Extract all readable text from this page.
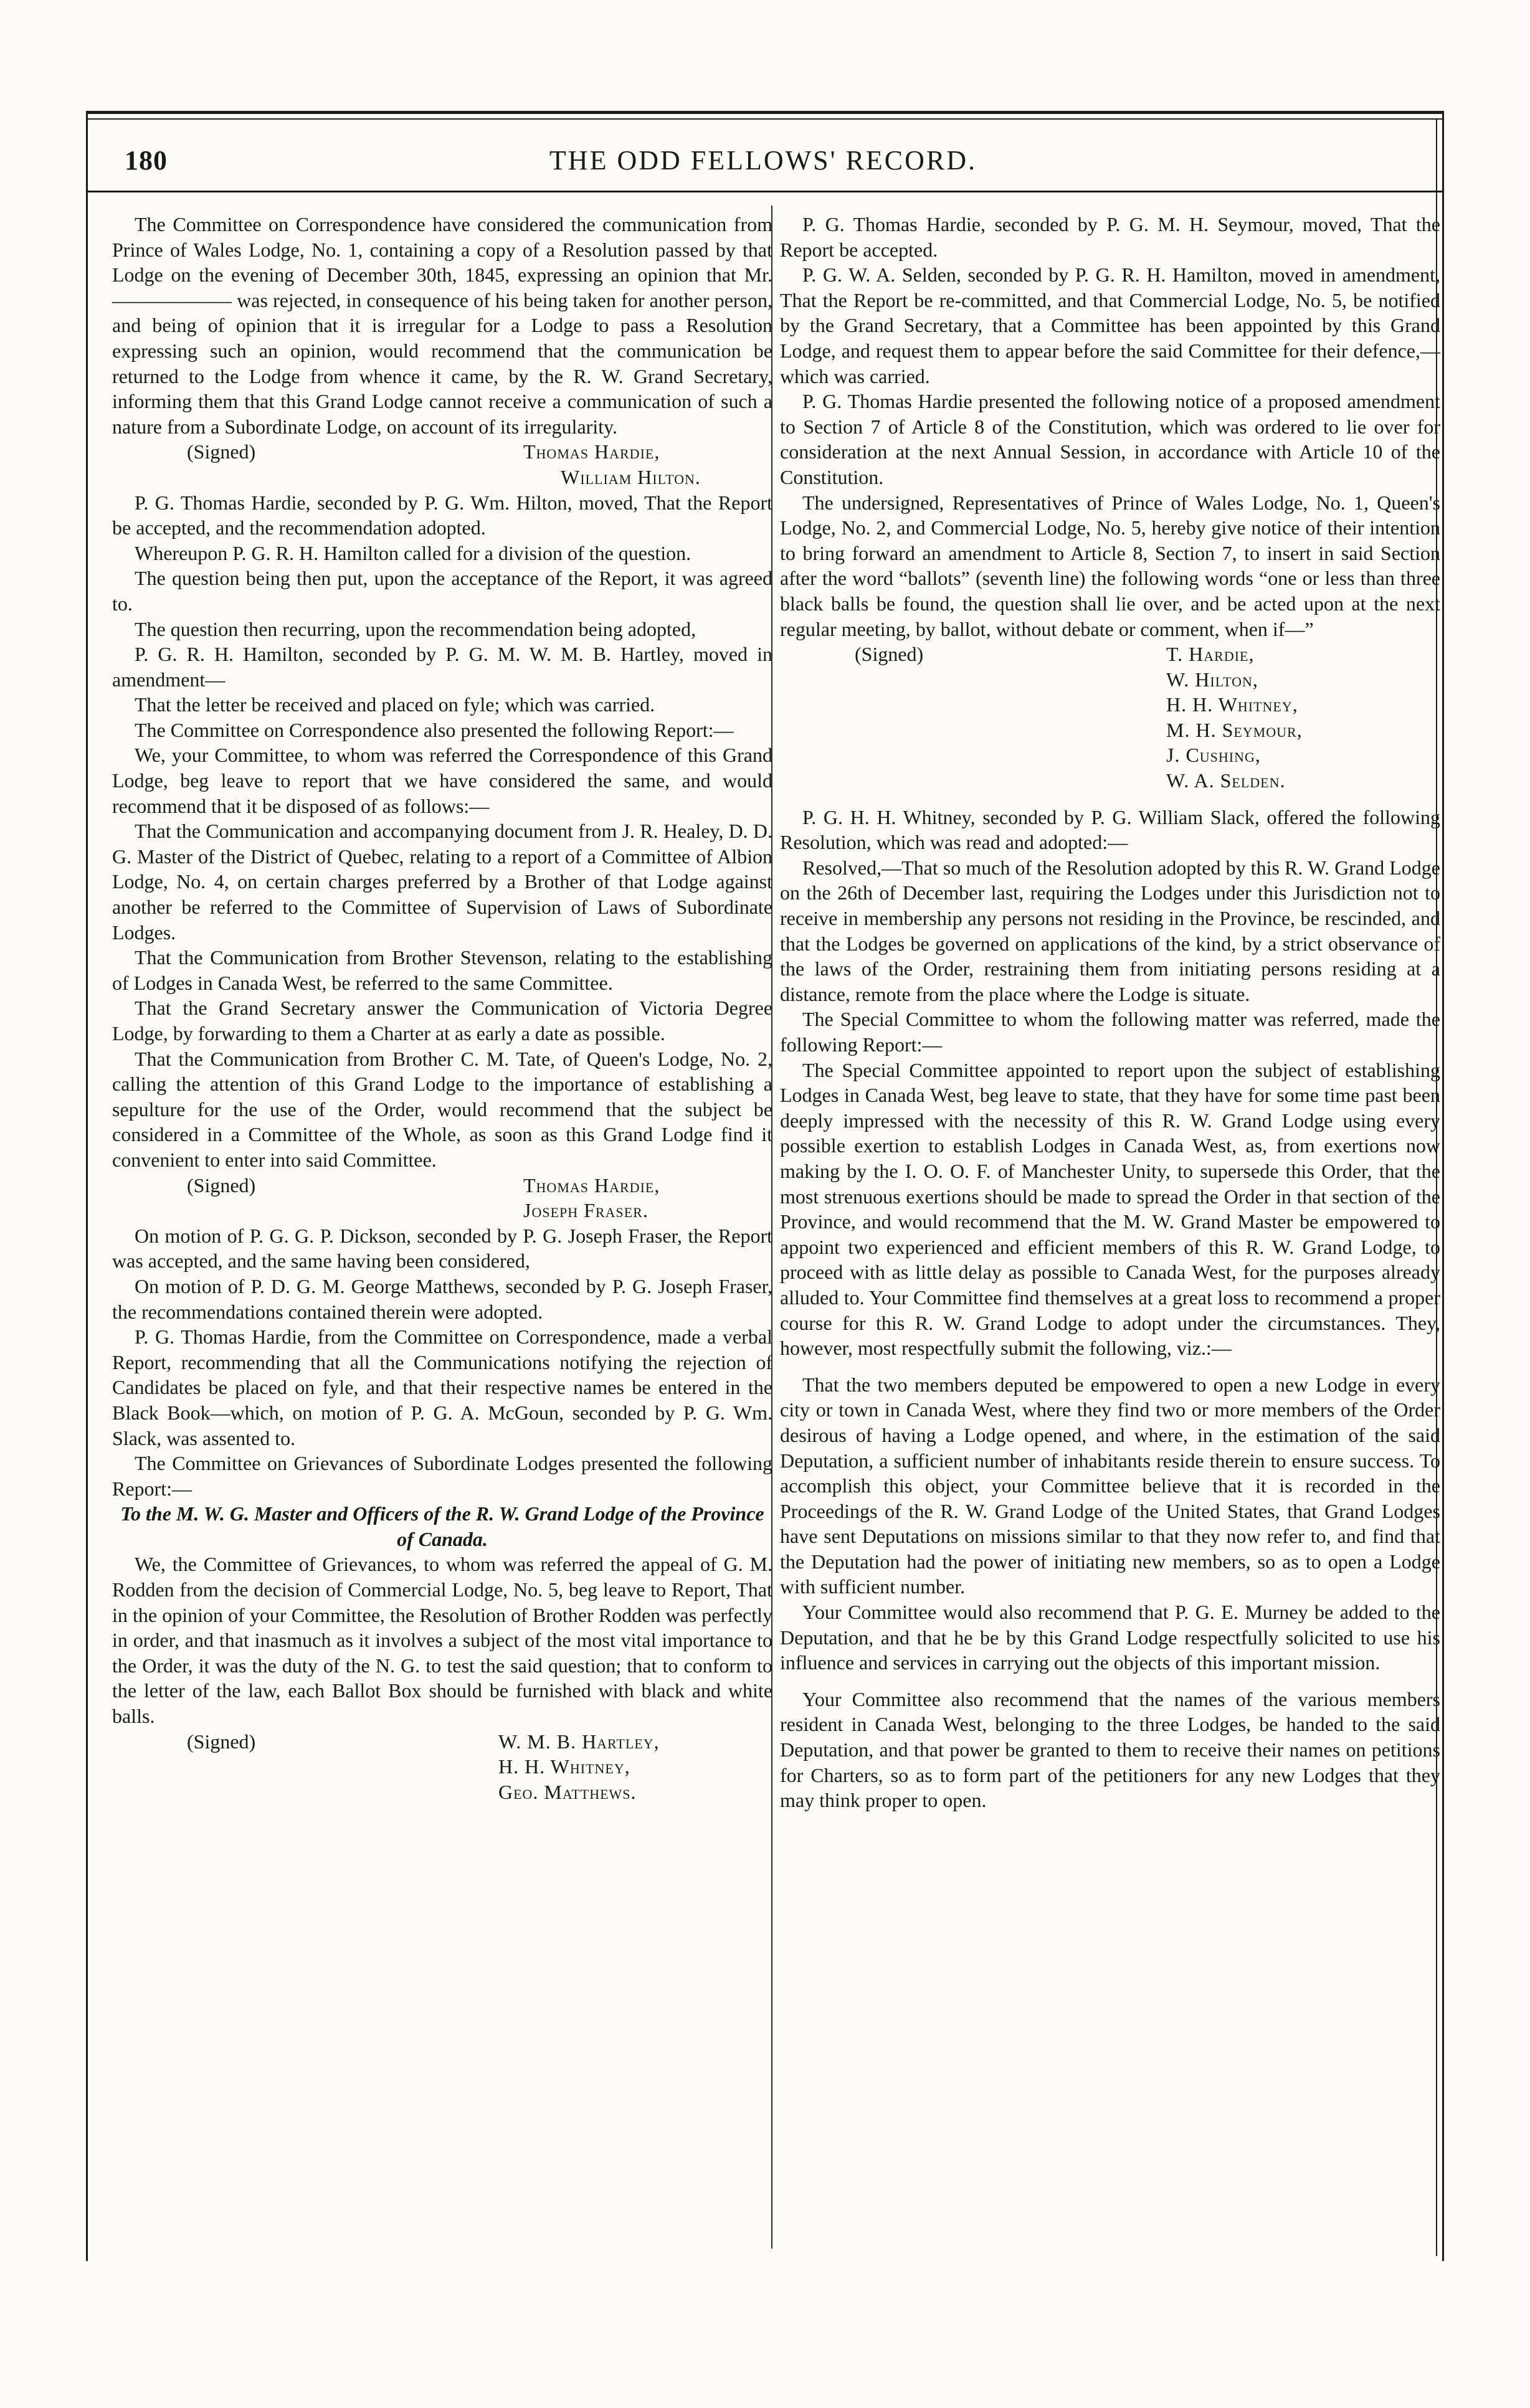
180	THE ODD FELLOWS' RECORD.

The Committee on Correspondence have considered the communication from Prince of Wales Lodge, No. 1, containing a copy of a Resolution passed by that Lodge on the evening of December 30th, 1845, expressing an opinion that Mr. —————— was rejected, in consequence of his being taken for another person, and being of opinion that it is irregular for a Lodge to pass a Resolution expressing such an opinion, would recommend that the communication be returned to the Lodge from whence it came, by the R. W. Grand Secretary, informing them that this Grand Lodge cannot receive a communication of such a nature from a Subordinate Lodge, on account of its irregularity.

(Signed)	Thomas Hardie,
William Hilton.

P. G. Thomas Hardie, seconded by P. G. Wm. Hilton, moved, That the Report be accepted, and the recommendation adopted.

Whereupon P. G. R. H. Hamilton called for a division of the question.

The question being then put, upon the acceptance of the Report, it was agreed to.

The question then recurring, upon the recommendation being adopted,

P. G. R. H. Hamilton, seconded by P. G. M. W. M. B. Hartley, moved in amendment—

That the letter be received and placed on fyle; which was carried.

The Committee on Correspondence also presented the following Report:—

We, your Committee, to whom was referred the Correspondence of this Grand Lodge, beg leave to report that we have considered the same, and would recommend that it be disposed of as follows:—

That the Communication and accompanying document from J. R. Healey, D. D. G. Master of the District of Quebec, relating to a report of a Committee of Albion Lodge, No. 4, on certain charges preferred by a Brother of that Lodge against another be referred to the Committee of Supervision of Laws of Subordinate Lodges.

That the Communication from Brother Stevenson, relating to the establishing of Lodges in Canada West, be referred to the same Committee.

That the Grand Secretary answer the Communication of Victoria Degree Lodge, by forwarding to them a Charter at as early a date as possible.

That the Communication from Brother C. M. Tate, of Queen's Lodge, No. 2, calling the attention of this Grand Lodge to the importance of establishing a sepulture for the use of the Order, would recommend that the subject be considered in a Committee of the Whole, as soon as this Grand Lodge find it convenient to enter into said Committee.

(Signed)	Thomas Hardie,
Joseph Fraser.

On motion of P. G. G. P. Dickson, seconded by P. G. Joseph Fraser, the Report was accepted, and the same having been considered,

On motion of P. D. G. M. George Matthews, seconded by P. G. Joseph Fraser, the recommendations contained therein were adopted.

P. G. Thomas Hardie, from the Committee on Correspondence, made a verbal Report, recommending that all the Communications notifying the rejection of Candidates be placed on fyle, and that their respective names be entered in the Black Book—which, on motion of P. G. A. McGoun, seconded by P. G. Wm. Slack, was assented to.

The Committee on Grievances of Subordinate Lodges presented the following Report:—

To the M. W. G. Master and Officers of the R. W. Grand Lodge of the Province of Canada.

We, the Committee of Grievances, to whom was referred the appeal of G. M. Rodden from the decision of Commercial Lodge, No. 5, beg leave to Report, That in the opinion of your Committee, the Resolution of Brother Rodden was perfectly in order, and that inasmuch as it involves a subject of the most vital importance to the Order, it was the duty of the N. G. to test the said question; that to conform to the letter of the law, each Ballot Box should be furnished with black and white balls.

(Signed)	W. M. B. Hartley,
H. H. Whitney,
Geo. Matthews.

P. G. Thomas Hardie, seconded by P. G. M. H. Seymour, moved, That the Report be accepted.

P. G. W. A. Selden, seconded by P. G. R. H. Hamilton, moved in amendment, That the Report be re-committed, and that Commercial Lodge, No. 5, be notified by the Grand Secretary, that a Committee has been appointed by this Grand Lodge, and request them to appear before the said Committee for their defence,—which was carried.

P. G. Thomas Hardie presented the following notice of a proposed amendment to Section 7 of Article 8 of the Constitution, which was ordered to lie over for consideration at the next Annual Session, in accordance with Article 10 of the Constitution.

The undersigned, Representatives of Prince of Wales Lodge, No. 1, Queen's Lodge, No. 2, and Commercial Lodge, No. 5, hereby give notice of their intention to bring forward an amendment to Article 8, Section 7, to insert in said Section after the word “ballots” (seventh line) the following words “one or less than three black balls be found, the question shall lie over, and be acted upon at the next regular meeting, by ballot, without debate or comment, when if—”

(Signed)	T. Hardie,
W. Hilton,
H. H. Whitney,
M. H. Seymour,
J. Cushing,
W. A. Selden.

P. G. H. H. Whitney, seconded by P. G. William Slack, offered the following Resolution, which was read and adopted:—

Resolved,—That so much of the Resolution adopted by this R. W. Grand Lodge on the 26th of December last, requiring the Lodges under this Jurisdiction not to receive in membership any persons not residing in the Province, be rescinded, and that the Lodges be governed on applications of the kind, by a strict observance of the laws of the Order, restraining them from initiating persons residing at a distance, remote from the place where the Lodge is situate.

The Special Committee to whom the following matter was referred, made the following Report:—

The Special Committee appointed to report upon the subject of establishing Lodges in Canada West, beg leave to state, that they have for some time past been deeply impressed with the necessity of this R. W. Grand Lodge using every possible exertion to establish Lodges in Canada West, as, from exertions now making by the I. O. O. F. of Manchester Unity, to supersede this Order, that the most strenuous exertions should be made to spread the Order in that section of the Province, and would recommend that the M. W. Grand Master be empowered to appoint two experienced and efficient members of this R. W. Grand Lodge, to proceed with as little delay as possible to Canada West, for the purposes already alluded to. Your Committee find themselves at a great loss to recommend a proper course for this R. W. Grand Lodge to adopt under the circumstances. They, however, most respectfully submit the following, viz.:—

That the two members deputed be empowered to open a new Lodge in every city or town in Canada West, where they find two or more members of the Order desirous of having a Lodge opened, and where, in the estimation of the said Deputation, a sufficient number of inhabitants reside therein to ensure success. To accomplish this object, your Committee believe that it is recorded in the Proceedings of the R. W. Grand Lodge of the United States, that Grand Lodges have sent Deputations on missions similar to that they now refer to, and find that the Deputation had the power of initiating new members, so as to open a Lodge with sufficient number.

Your Committee would also recommend that P. G. E. Murney be added to the Deputation, and that he be by this Grand Lodge respectfully solicited to use his influence and services in carrying out the objects of this important mission.

Your Committee also recommend that the names of the various members resident in Canada West, belonging to the three Lodges, be handed to the said Deputation, and that power be granted to them to receive their names on petitions for Charters, so as to form part of the petitioners for any new Lodges that they may think proper to open.
